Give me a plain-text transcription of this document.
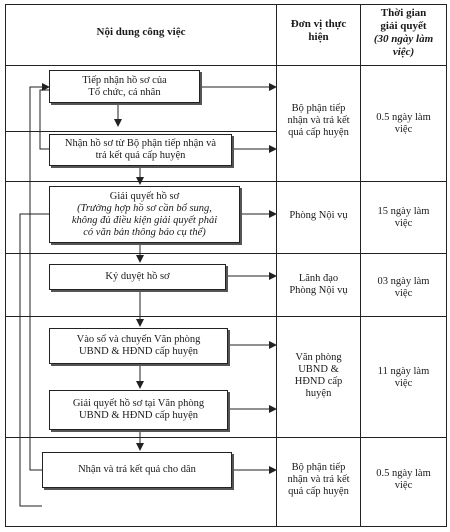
Nội dung công việc
Đơn vị thực
hiện
Thời gian
giải quyết
(30 ngày làm
việc)
Tiếp nhận hồ sơ của
Tổ chức, cá nhân
Nhận hồ sơ từ Bộ phận tiếp nhận và
trả kết quả cấp huyện
Giải quyết hồ sơ
(Trường hợp hồ sơ cần bổ sung,
không đủ điều kiện giải quyết phải
có văn bản thông báo cụ thể)
Ký duyệt hồ sơ
Vào sổ và chuyển Văn phòng
UBND & HĐND cấp huyện
Giải quyết hồ sơ tại Văn phòng
UBND & HĐND cấp huyện
Nhận và trả kết quả cho dân
Bộ phận tiếp
nhận và trả kết
quả cấp huyện
Phòng Nội vụ
Lãnh đạo
Phòng Nội vụ
Văn phòng
UBND &
HĐND cấp
huyện
Bộ phận tiếp
nhận và trả kết
quả cấp huyện
0.5 ngày làm
việc
15 ngày làm
việc
03 ngày làm
việc
11 ngày làm
việc
0.5 ngày làm
việc
